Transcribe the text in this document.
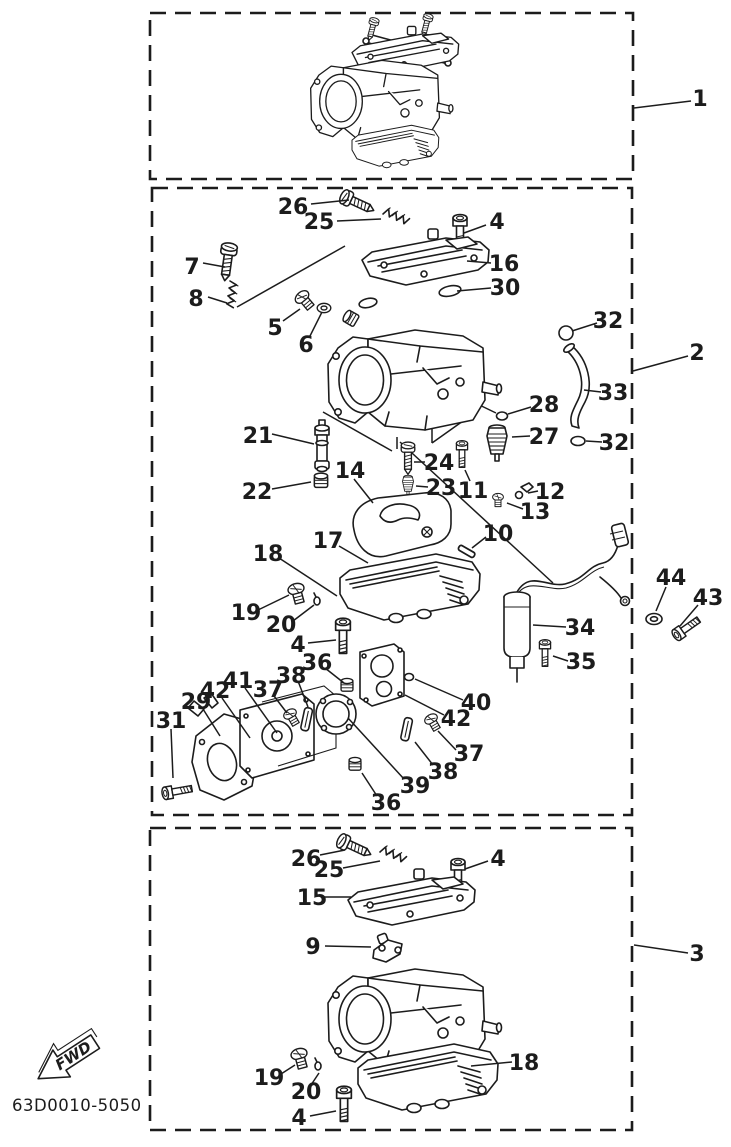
FWD
63D0010-5050
1
2
3
26
25	4
16
30
7
8
5
6
32
33
28
27 32
21
22
14	24
23 11 12
13
10
17
18
19 20
4
36
38
41 37
42
29
31
40
42
37
38
39
36
34
35
44
43
26
25	4
15
9
18
19
20
4
